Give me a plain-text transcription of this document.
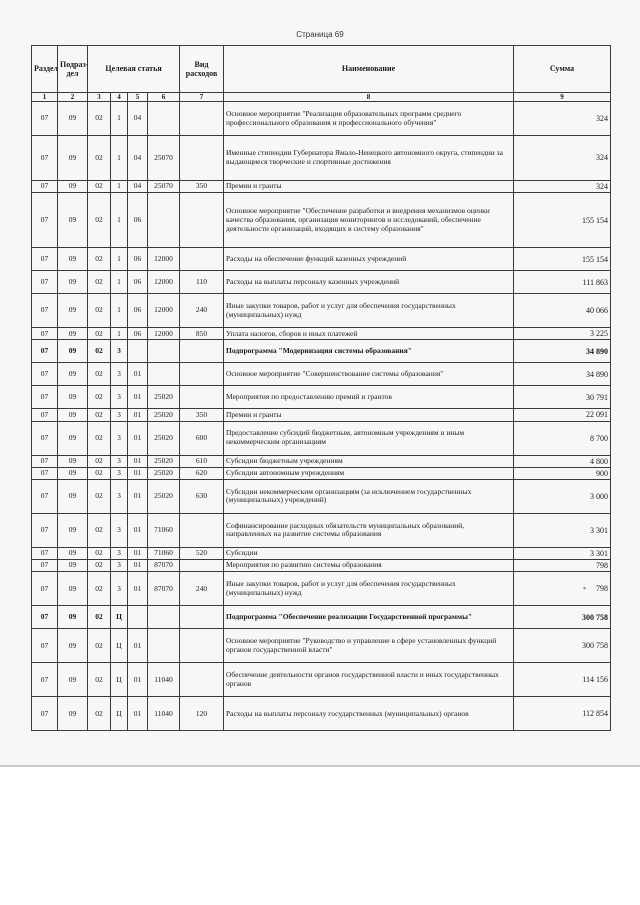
Страница 69
Раздел	Подраз-дел	Целевая статья				Вид расходов	Наименование	Сумма
1	2	3	4	5	6	7	8	9
07	09	02	1	04			Основное мероприятие "Реализация образовательных программ среднего профессионального образования и профессионального обучения"	324
07	09	02	1	04	25070		Именные стипендии Губернатора Ямало-Ненецкого автономного округа, стипендии за выдающиеся творческие и спортивные достижения	324
07	09	02	1	04	25070	350	Премии и гранты	324
07	09	02	1	06			Основное мероприятие "Обеспечение разработки и внедрения механизмов оценки качества образования, организация мониторингов и исследований, обеспечение деятельности организаций, входящих в систему образования"	155 154
07	09	02	1	06	12000		Расходы на обеспечение функций казенных учреждений	155 154
07	09	02	1	06	12000	110	Расходы на выплаты персоналу казенных учреждений	111 863
07	09	02	1	06	12000	240	Иные закупки товаров, работ и услуг для обеспечения государственных (муниципальных) нужд	40 066
07	09	02	1	06	12000	850	Уплата налогов, сборов и иных платежей	3 225
07	09	02	3				Подпрограмма "Модернизация системы образования"	34 890
07	09	02	3	01			Основное мероприятие "Совершенствование системы образования"	34 890
07	09	02	3	01	25020		Мероприятия по предоставлению премий и грантов	30 791
07	09	02	3	01	25020	350	Премии и гранты	22 091
07	09	02	3	01	25020	600	Предоставление субсидий бюджетным, автономным учреждениям и иным некоммерческим организациям	8 700
07	09	02	3	01	25020	610	Субсидии бюджетным учреждениям	4 800
07	09	02	3	01	25020	620	Субсидии автономным учреждениям	900
07	09	02	3	01	25020	630	Субсидии некоммерческим организациям (за исключением государственных (муниципальных) учреждений)	3 000
07	09	02	3	01	71060		Софинансирование расходных обязательств муниципальных образований, направленных на развитие системы образования	3 301
07	09	02	3	01	71060	520	Субсидии	3 301
07	09	02	3	01	87070		Мероприятия по развитию системы образования	798
07	09	02	3	01	87070	240	Иные закупки товаров, работ и услуг для обеспечения государственных (муниципальных) нужд	* 798
07	09	02	Ц				Подпрограмма "Обеспечение реализации Государственной программы"	300 758
07	09	02	Ц	01			Основное мероприятие "Руководство и управление в сфере установленных функций органов государственной власти"	300 758
07	09	02	Ц	01	11040		Обеспечение деятельности органов государственной власти и иных государственных органов	114 156
07	09	02	Ц	01	11040	120	Расходы на выплаты персоналу государственных (муниципальных) органов	112 854
